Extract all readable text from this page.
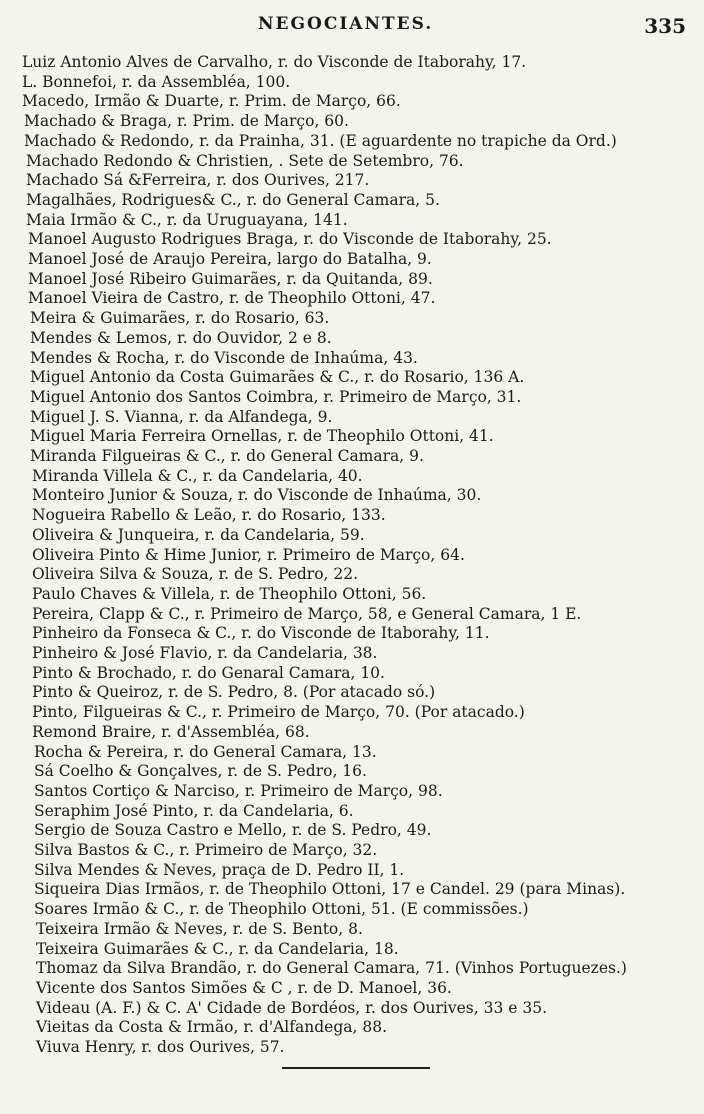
NEGOCIANTES.	335
Luiz Antonio Alves de Carvalho, r. do Visconde de Itaborahy, 17.
L. Bonnefoi, r. da Assembléa, 100.
Macedo, Irmão & Duarte, r. Prim. de Março, 66.
Machado & Braga, r. Prim. de Março, 60.
Machado & Redondo, r. da Prainha, 31. (E aguardente no trapiche da Ord.)
Machado Redondo & Christien, . Sete de Setembro, 76.
Machado Sá &Ferreira, r. dos Ourives, 217.
Magalhães, Rodrigues& C., r. do General Camara, 5.
Maia Irmão & C., r. da Uruguayana, 141.
Manoel Augusto Rodrigues Braga, r. do Visconde de Itaborahy, 25.
Manoel José de Araujo Pereira, largo do Batalha, 9.
Manoel José Ribeiro Guimarães, r. da Quitanda, 89.
Manoel Vieira de Castro, r. de Theophilo Ottoni, 47.
Meira & Guimarães, r. do Rosario, 63.
Mendes & Lemos, r. do Ouvidor, 2 e 8.
Mendes & Rocha, r. do Visconde de Inhaúma, 43.
Miguel Antonio da Costa Guimarães & C., r. do Rosario, 136 A.
Miguel Antonio dos Santos Coimbra, r. Primeiro de Março, 31.
Miguel J. S. Vianna, r. da Alfandega, 9.
Miguel Maria Ferreira Ornellas, r. de Theophilo Ottoni, 41.
Miranda Filgueiras & C., r. do General Camara, 9.
Miranda Villela & C., r. da Candelaria, 40.
Monteiro Junior & Souza, r. do Visconde de Inhaúma, 30.
Nogueira Rabello & Leão, r. do Rosario, 133.
Oliveira & Junqueira, r. da Candelaria, 59.
Oliveira Pinto & Hime Junior, r. Primeiro de Março, 64.
Oliveira Silva & Souza, r. de S. Pedro, 22.
Paulo Chaves & Villela, r. de Theophilo Ottoni, 56.
Pereira, Clapp & C., r. Primeiro de Março, 58, e General Camara, 1 E.
Pinheiro da Fonseca & C., r. do Visconde de Itaborahy, 11.
Pinheiro & José Flavio, r. da Candelaria, 38.
Pinto & Brochado, r. do Genaral Camara, 10.
Pinto & Queiroz, r. de S. Pedro, 8. (Por atacado só.)
Pinto, Filgueiras & C., r. Primeiro de Março, 70. (Por atacado.)
Remond Braire, r. d'Assembléa, 68.
Rocha & Pereira, r. do General Camara, 13.
Sá Coelho & Gonçalves, r. de S. Pedro, 16.
Santos Cortiço & Narciso, r. Primeiro de Março, 98.
Seraphim José Pinto, r. da Candelaria, 6.
Sergio de Souza Castro e Mello, r. de S. Pedro, 49.
Silva Bastos & C., r. Primeiro de Março, 32.
Silva Mendes & Neves, praça de D. Pedro II, 1.
Siqueira Dias Irmãos, r. de Theophilo Ottoni, 17 e Candel. 29 (para Minas).
Soares Irmão & C., r. de Theophilo Ottoni, 51. (E commissões.)
Teixeira Irmão & Neves, r. de S. Bento, 8.
Teixeira Guimarães & C., r. da Candelaria, 18.
Thomaz da Silva Brandão, r. do General Camara, 71. (Vinhos Portuguezes.)
Vicente dos Santos Simões & C , r. de D. Manoel, 36.
Videau (A. F.) & C. A' Cidade de Bordéos, r. dos Ourives, 33 e 35.
Vieitas da Costa & Irmão, r. d'Alfandega, 88.
Viuva Henry, r. dos Ourives, 57.
